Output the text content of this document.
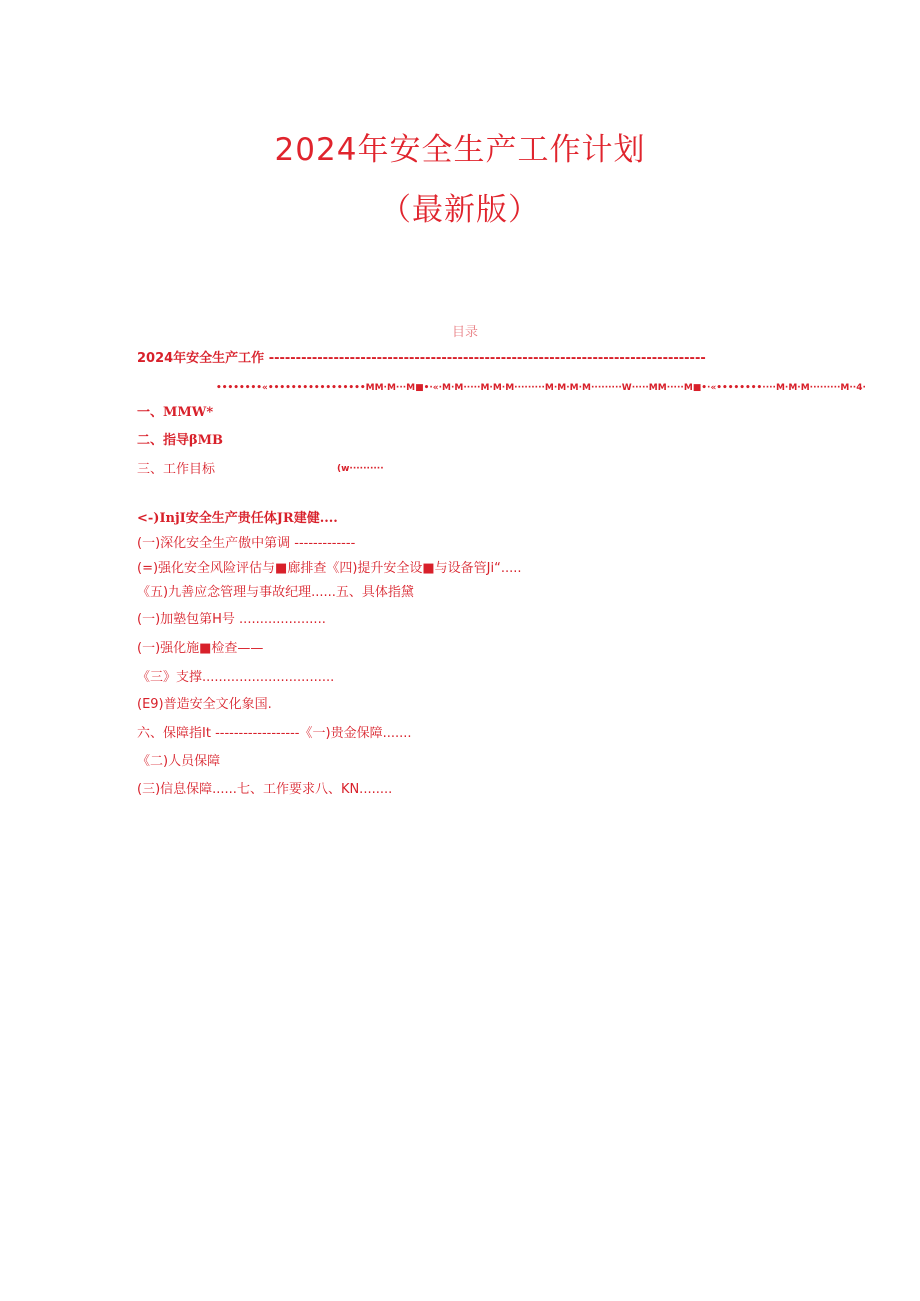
2024年安全生产工作计划
（最新版）
目录
2024年安全生产工作 ---------------------------------------------------------------------------------
••••••••«•••••••••••••••••MM·M···M■•·«·M·M·····M·M·M·········M·M·M·M·········W·····MM·····M■•·«••••••••····M·M·M·········M··4·
一、MMW*
二、指导βMB
三、工作目标	(w··········
<-)InjI安全生产贵任体JR建健....
(一)深化安全生产傲中第调 -------------
(=)强化安全风险评估与■廊排查《四)提升安全设■与设备管Ji“.....
《五)九善应念管理与事故纪理......五、具体指黛
(一)加塾包第H号 .....................
(一)强化施■检查——
《三》支撑................................
(E9)普造安全文化象国.
六、保障指It ------------------《一)贵金保障.......
《二)人员保障
(三)信息保障......七、工作要求八、KN........
